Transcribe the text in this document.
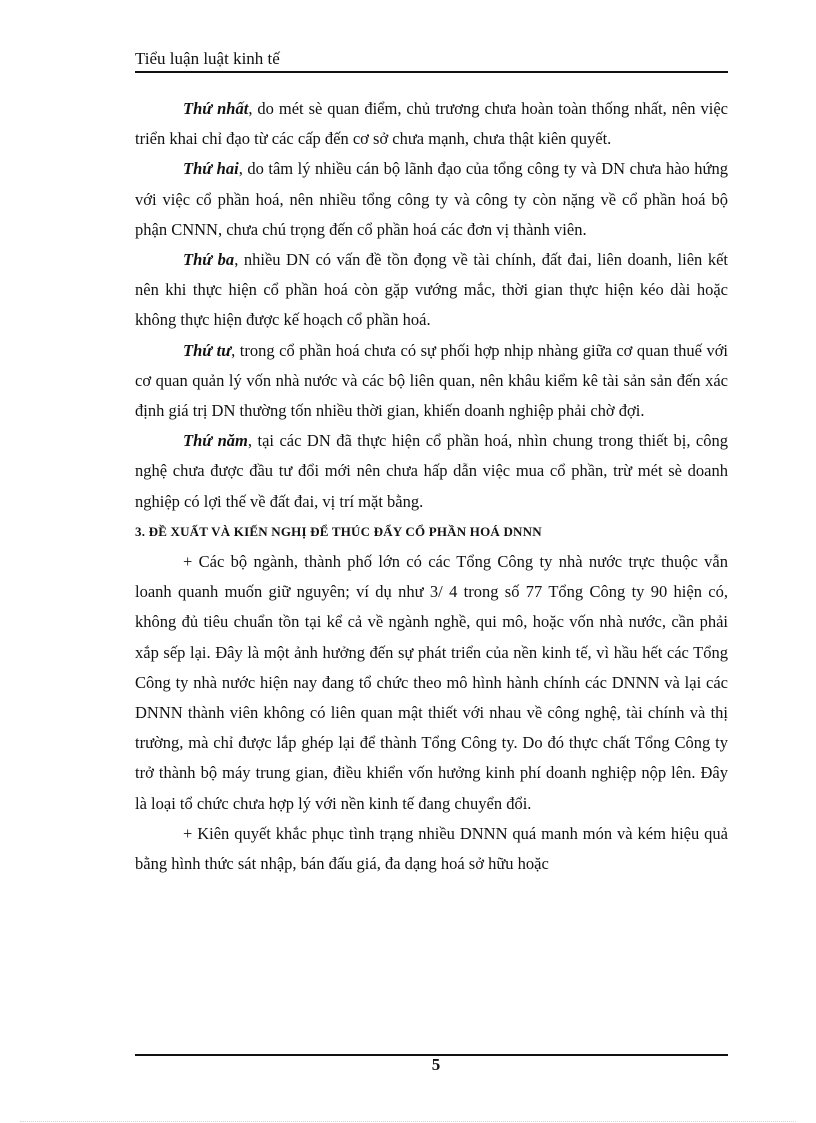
Tiểu luận luật kinh tế

Thứ nhất, do mét sè quan điểm, chủ trương chưa hoàn toàn thống nhất, nên việc triển khai chỉ đạo từ các cấp đến cơ sở chưa mạnh, chưa thật kiên quyết.

Thứ hai, do tâm lý nhiều cán bộ lãnh đạo của tổng công ty và DN chưa hào hứng với việc cổ phần hoá, nên nhiều tổng công ty và công ty còn nặng về cổ phần hoá bộ phận CNNN, chưa chú trọng đến cổ phần hoá các đơn vị thành viên.

Thứ ba, nhiều DN có vấn đề tồn đọng về tài chính, đất đai, liên doanh, liên kết nên khi thực hiện cổ phần hoá còn gặp vướng mắc, thời gian thực hiện kéo dài hoặc không thực hiện được kế hoạch cổ phần hoá.

Thứ tư, trong cổ phần hoá chưa có sự phối hợp nhịp nhàng giữa cơ quan thuế với cơ quan quản lý vốn nhà nước và các bộ liên quan, nên khâu kiểm kê tài sản sản đến xác định giá trị DN thường tốn nhiều thời gian, khiến doanh nghiệp phải chờ đợi.

Thứ năm, tại các DN đã thực hiện cổ phần hoá, nhìn chung trong thiết bị, công nghệ chưa được đầu tư đổi mới nên chưa hấp dẫn việc mua cổ phần, trừ mét sè doanh nghiệp có lợi thế về đất đai, vị trí mặt bằng.

3. ĐỀ XUẤT VÀ KIẾN NGHỊ ĐỂ THÚC ĐẨY CỔ PHẦN HOÁ DNNN

+ Các bộ ngành, thành phố lớn có các Tổng Công ty nhà nước trực thuộc vẫn loanh quanh muốn giữ nguyên; ví dụ như 3/ 4 trong số 77 Tổng Công ty 90 hiện có, không đủ tiêu chuẩn tồn tại kể cả về ngành nghề, qui mô, hoặc vốn nhà nước, cần phải xắp sếp lại. Đây là một ảnh hưởng đến sự phát triển của nền kinh tế, vì hầu hết các Tổng Công ty nhà nước hiện nay đang tổ chức theo mô hình hành chính các DNNN và lại các DNNN thành viên không có liên quan mật thiết với nhau về công nghệ, tài chính và thị trường, mà chỉ được lắp ghép lại để thành Tổng Công ty. Do đó thực chất Tổng Công ty trở thành bộ máy trung gian, điều khiển vốn hưởng kinh phí doanh nghiệp nộp lên. Đây là loại tổ chức chưa hợp lý với nền kinh tế đang chuyển đổi.

+ Kiên quyết khắc phục tình trạng nhiều DNNN quá manh món và kém hiệu quả bằng hình thức sát nhập, bán đấu giá, đa dạng hoá sở hữu hoặc

5
